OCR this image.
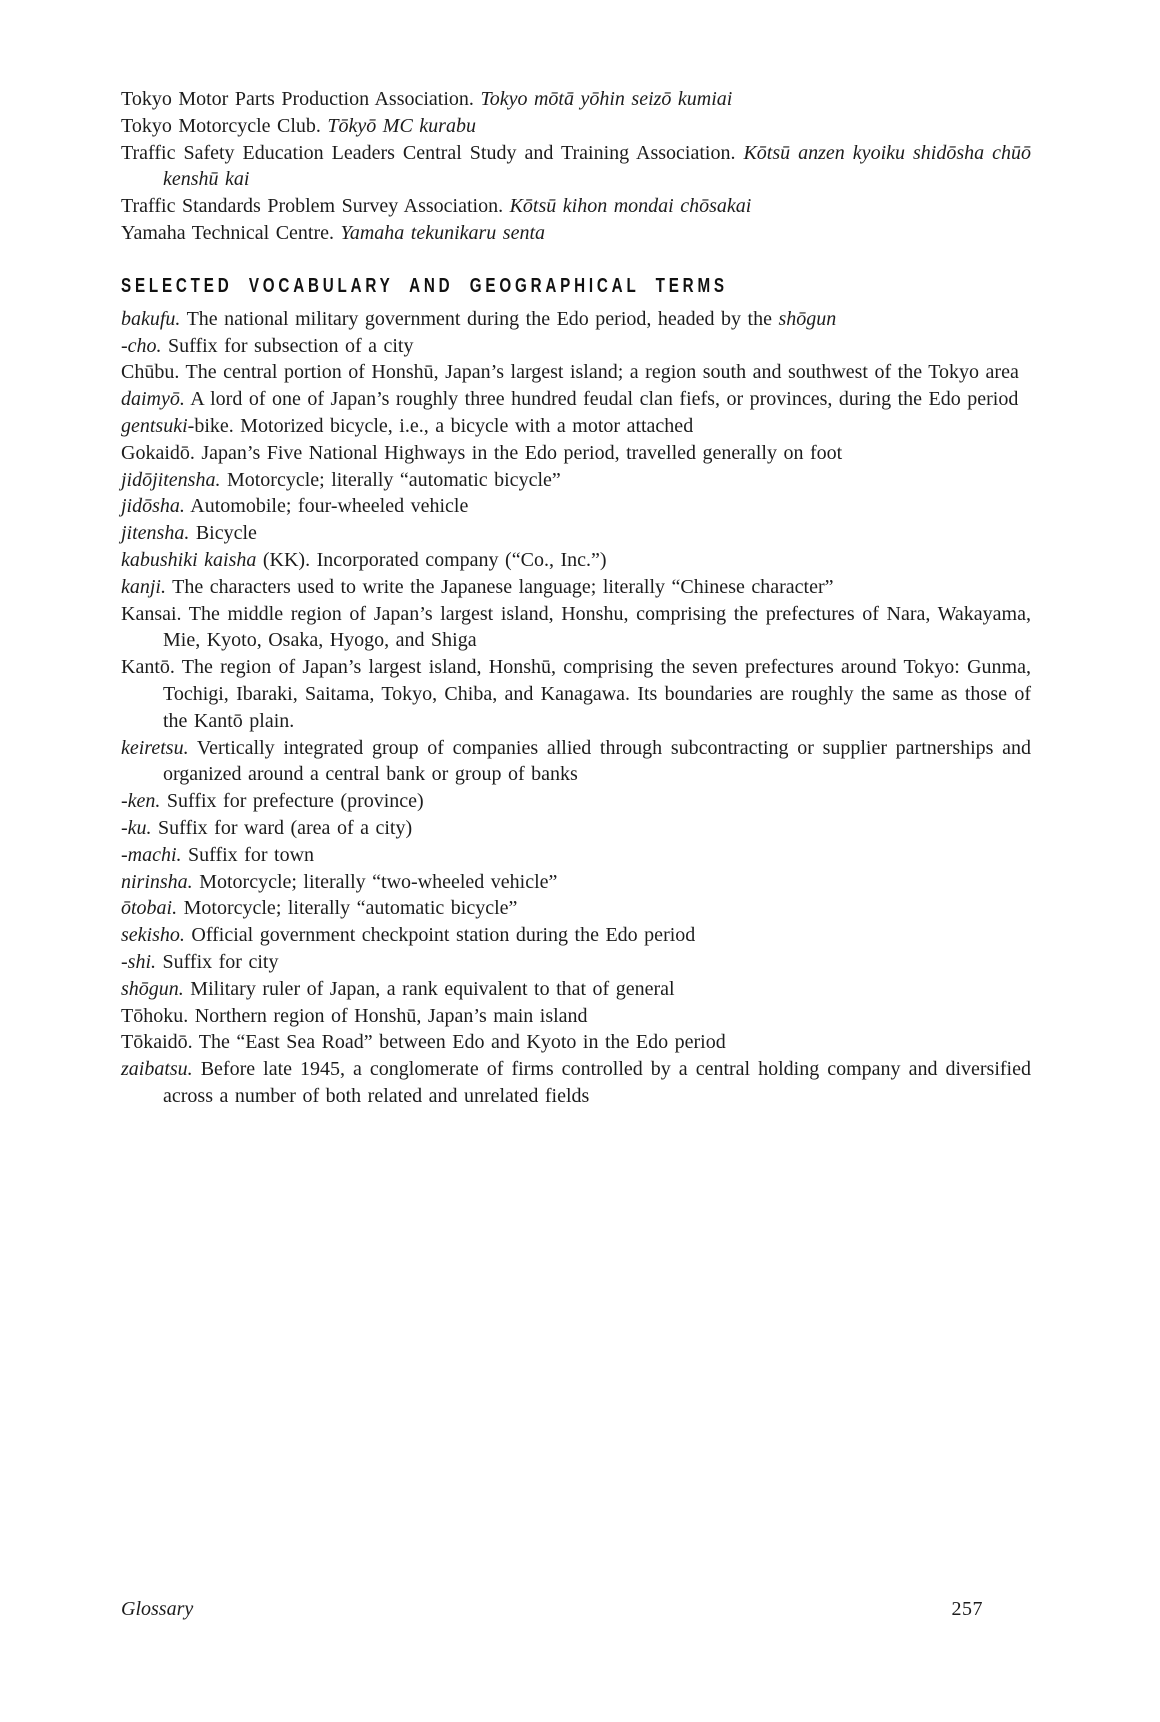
Tokyo Motor Parts Production Association. Tokyo mōtā yōhin seizō kumiai

Tokyo Motorcycle Club. Tōkyō MC kurabu

Traffic Safety Education Leaders Central Study and Training Association. Kōtsū anzen kyoiku shidōsha chūō kenshū kai

Traffic Standards Problem Survey Association. Kōtsū kihon mondai chōsakai

Yamaha Technical Centre. Yamaha tekunikaru senta

SELECTED VOCABULARY AND GEOGRAPHICAL TERMS

bakufu. The national military government during the Edo period, headed by the shōgun

-cho. Suffix for subsection of a city

Chūbu. The central portion of Honshū, Japan’s largest island; a region south and southwest of the Tokyo area

daimyō. A lord of one of Japan’s roughly three hundred feudal clan fiefs, or provinces, during the Edo period

gentsuki-bike. Motorized bicycle, i.e., a bicycle with a motor attached

Gokaidō. Japan’s Five National Highways in the Edo period, travelled generally on foot

jidōjitensha. Motorcycle; literally “automatic bicycle”

jidōsha. Automobile; four-wheeled vehicle

jitensha. Bicycle

kabushiki kaisha (KK). Incorporated company (“Co., Inc.”)

kanji. The characters used to write the Japanese language; literally “Chinese character”

Kansai. The middle region of Japan’s largest island, Honshu, comprising the prefectures of Nara, Wakayama, Mie, Kyoto, Osaka, Hyogo, and Shiga

Kantō. The region of Japan’s largest island, Honshū, comprising the seven prefectures around Tokyo: Gunma, Tochigi, Ibaraki, Saitama, Tokyo, Chiba, and Kanagawa. Its boundaries are roughly the same as those of the Kantō plain.

keiretsu. Vertically integrated group of companies allied through subcontracting or supplier partnerships and organized around a central bank or group of banks

-ken. Suffix for prefecture (province)

-ku. Suffix for ward (area of a city)

-machi. Suffix for town

nirinsha. Motorcycle; literally “two-wheeled vehicle”

ōtobai. Motorcycle; literally “automatic bicycle”

sekisho. Official government checkpoint station during the Edo period

-shi. Suffix for city

shōgun. Military ruler of Japan, a rank equivalent to that of general

Tōhoku. Northern region of Honshū, Japan’s main island

Tōkaidō. The “East Sea Road” between Edo and Kyoto in the Edo period

zaibatsu. Before late 1945, a conglomerate of firms controlled by a central holding company and diversified across a number of both related and unrelated fields

Glossary	257
